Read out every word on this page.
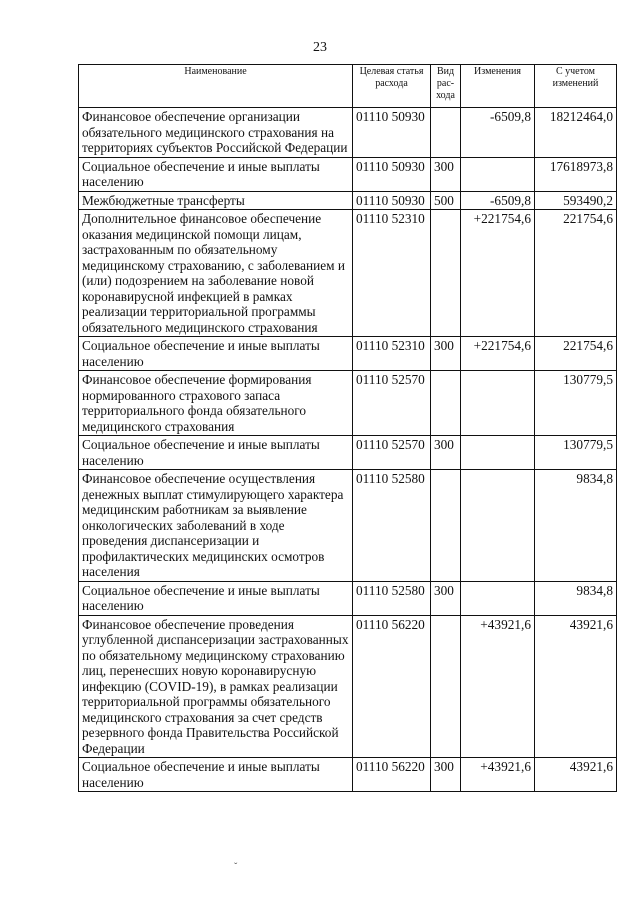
23
Наименование	Целевая статья расхода	Вид рас-хода	Изменения	С учетом изменений
Финансовое обеспечение организации обязательного медицинского страхования на территориях субъектов Российской Федерации	01110 50930		-6509,8	18212464,0
Социальное обеспечение и иные выплаты населению	01110 50930	300		17618973,8
Межбюджетные трансферты	01110 50930	500	-6509,8	593490,2
Дополнительное финансовое обеспечение оказания медицинской помощи лицам, застрахованным по обязательному медицинскому страхованию, с заболеванием и (или) подозрением на заболевание новой коронавирусной инфекцией в рамках реализации территориальной программы обязательного медицинского страхования	01110 52310		+221754,6	221754,6
Социальное обеспечение и иные выплаты населению	01110 52310	300	+221754,6	221754,6
Финансовое обеспечение формирования нормированного страхового запаса территориального фонда обязательного медицинского страхования	01110 52570			130779,5
Социальное обеспечение и иные выплаты населению	01110 52570	300		130779,5
Финансовое обеспечение осуществления денежных выплат стимулирующего характера медицинским работникам за выявление онкологических заболеваний в ходе проведения диспансеризации и профилактических медицинских осмотров населения	01110 52580			9834,8
Социальное обеспечение и иные выплаты населению	01110 52580	300		9834,8
Финансовое обеспечение проведения углубленной диспансеризации застрахованных по обязательному медицинскому страхованию лиц, перенесших новую коронавирусную инфекцию (COVID-19), в рамках реализации территориальной программы обязательного медицинского страхования за счет средств резервного фонда Правительства Российской Федерации	01110 56220		+43921,6	43921,6
Социальное обеспечение и иные выплаты населению	01110 56220	300	+43921,6	43921,6
ˇ
